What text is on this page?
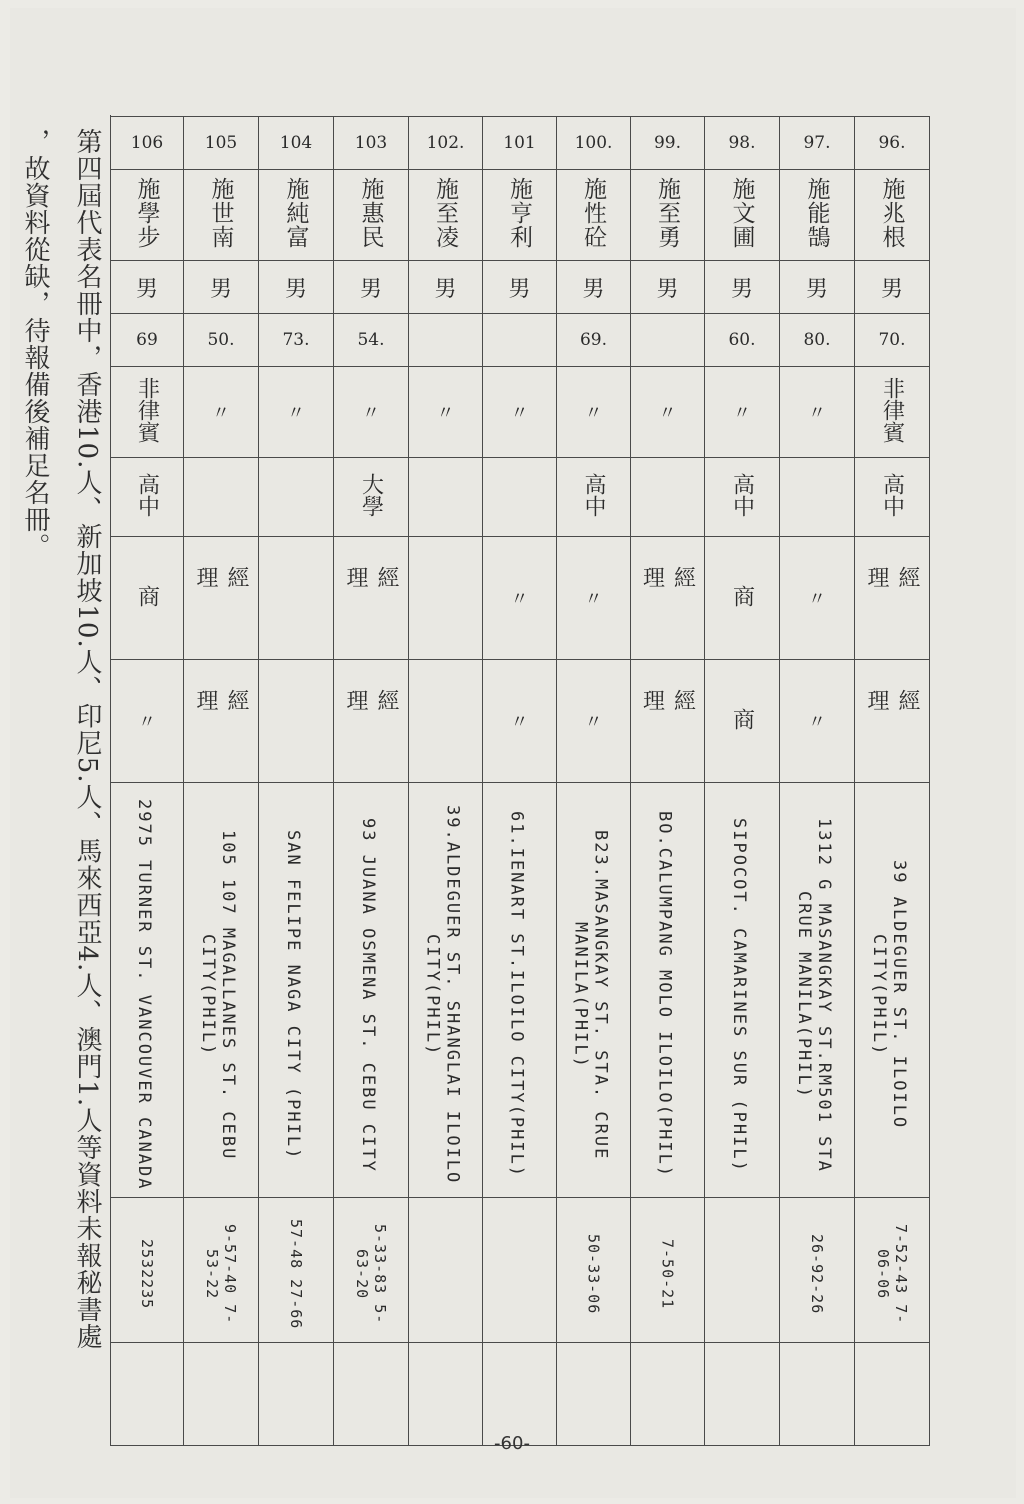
第四屆代表名冊中，香港10.人、新加坡10.人、印尼5.人、馬來西亞4.人、澳門1.人等資料未報秘書處
，故資料從缺，待報備後補足名冊。	106	105	104	103	102.	101	100.	99.	98.	97.	96.
施學步	施世南	施純富	施惠民	施至凌	施亨利	施性砼	施至勇	施文圃	施能鵠	施兆根
男	男	男	男	男	男	男	男	男	男	男
69	50.	73.	54.			69.		60.	80.	70.
非律賓	〃	〃	〃	〃	〃	〃	〃	〃	〃	非律賓
高中			大學			高中		高中		高中
商	經理		經理		〃	〃	經理	商	〃	經理
〃	經理		經理		〃	〃	經理	商	〃	經理
2975 TURNER ST. VANCOUVER CANADA	105 107 MAGALLANES ST. CEBU CITY(PHIL)	SAN FELIPE NAGA CITY (PHIL)	93 JUANA OSMENA ST. CEBU CITY	39.ALDEGUER ST. SHANGLAI ILOILO CITY(PHIL)	61.IENART ST.ILOILO CITY(PHIL)	B23.MASANGKAY ST. STA. CRUE MANILA(PHIL)	BO.CALUMPANG MOLO ILOILO(PHIL)	SIPOCOT. CAMARINES SUR (PHIL)	1312 G MASANGKAY ST.RM501 STA CRUE MANILA(PHIL)	39 ALDEGUER ST. ILOILO CITY(PHIL)
2532235	9-57-40 7-53-22	57-48 27-66	5-33-83 5-63-20			50-33-06	7-50-21		26-92-26	7-52-43 7-06-06

-60-
